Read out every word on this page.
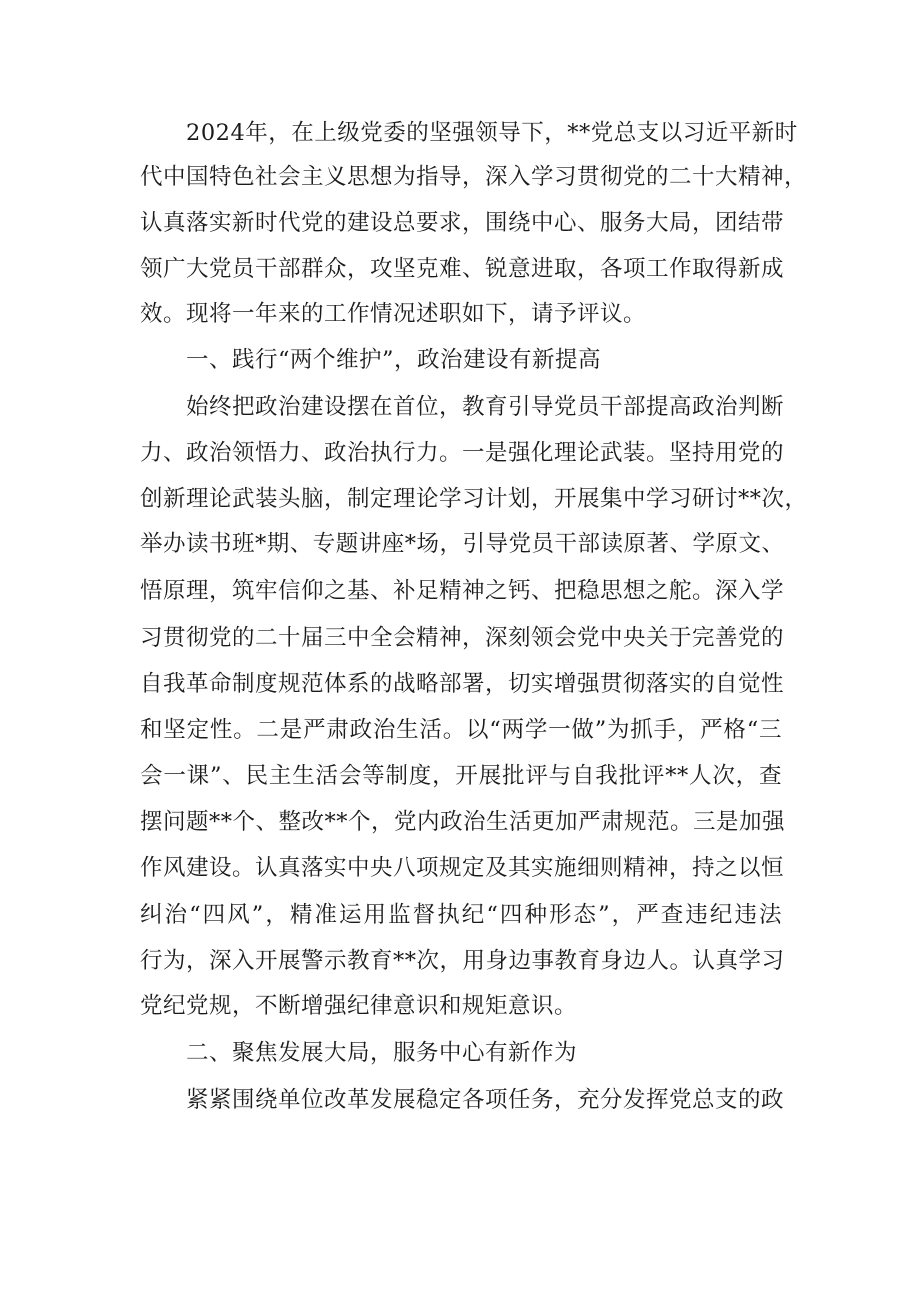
2024年，在上级党委的坚强领导下，**党总支以习近平新时
代中国特色社会主义思想为指导，深入学习贯彻党的二十大精神，
认真落实新时代党的建设总要求，围绕中心、服务大局，团结带
领广大党员干部群众，攻坚克难、锐意进取，各项工作取得新成
效。现将一年来的工作情况述职如下，请予评议。
一、践行“两个维护”，政治建设有新提高
始终把政治建设摆在首位，教育引导党员干部提高政治判断
力、政治领悟力、政治执行力。一是强化理论武装。坚持用党的
创新理论武装头脑，制定理论学习计划，开展集中学习研讨**次，
举办读书班*期、专题讲座*场，引导党员干部读原著、学原文、
悟原理，筑牢信仰之基、补足精神之钙、把稳思想之舵。深入学
习贯彻党的二十届三中全会精神，深刻领会党中央关于完善党的
自我革命制度规范体系的战略部署，切实增强贯彻落实的自觉性
和坚定性。二是严肃政治生活。以“两学一做”为抓手，严格“三
会一课”、民主生活会等制度，开展批评与自我批评**人次，查
摆问题**个、整改**个，党内政治生活更加严肃规范。三是加强
作风建设。认真落实中央八项规定及其实施细则精神，持之以恒
纠治“四风”，精准运用监督执纪“四种形态”，严查违纪违法
行为，深入开展警示教育**次，用身边事教育身边人。认真学习
党纪党规，不断增强纪律意识和规矩意识。
二、聚焦发展大局，服务中心有新作为
紧紧围绕单位改革发展稳定各项任务，充分发挥党总支的政
